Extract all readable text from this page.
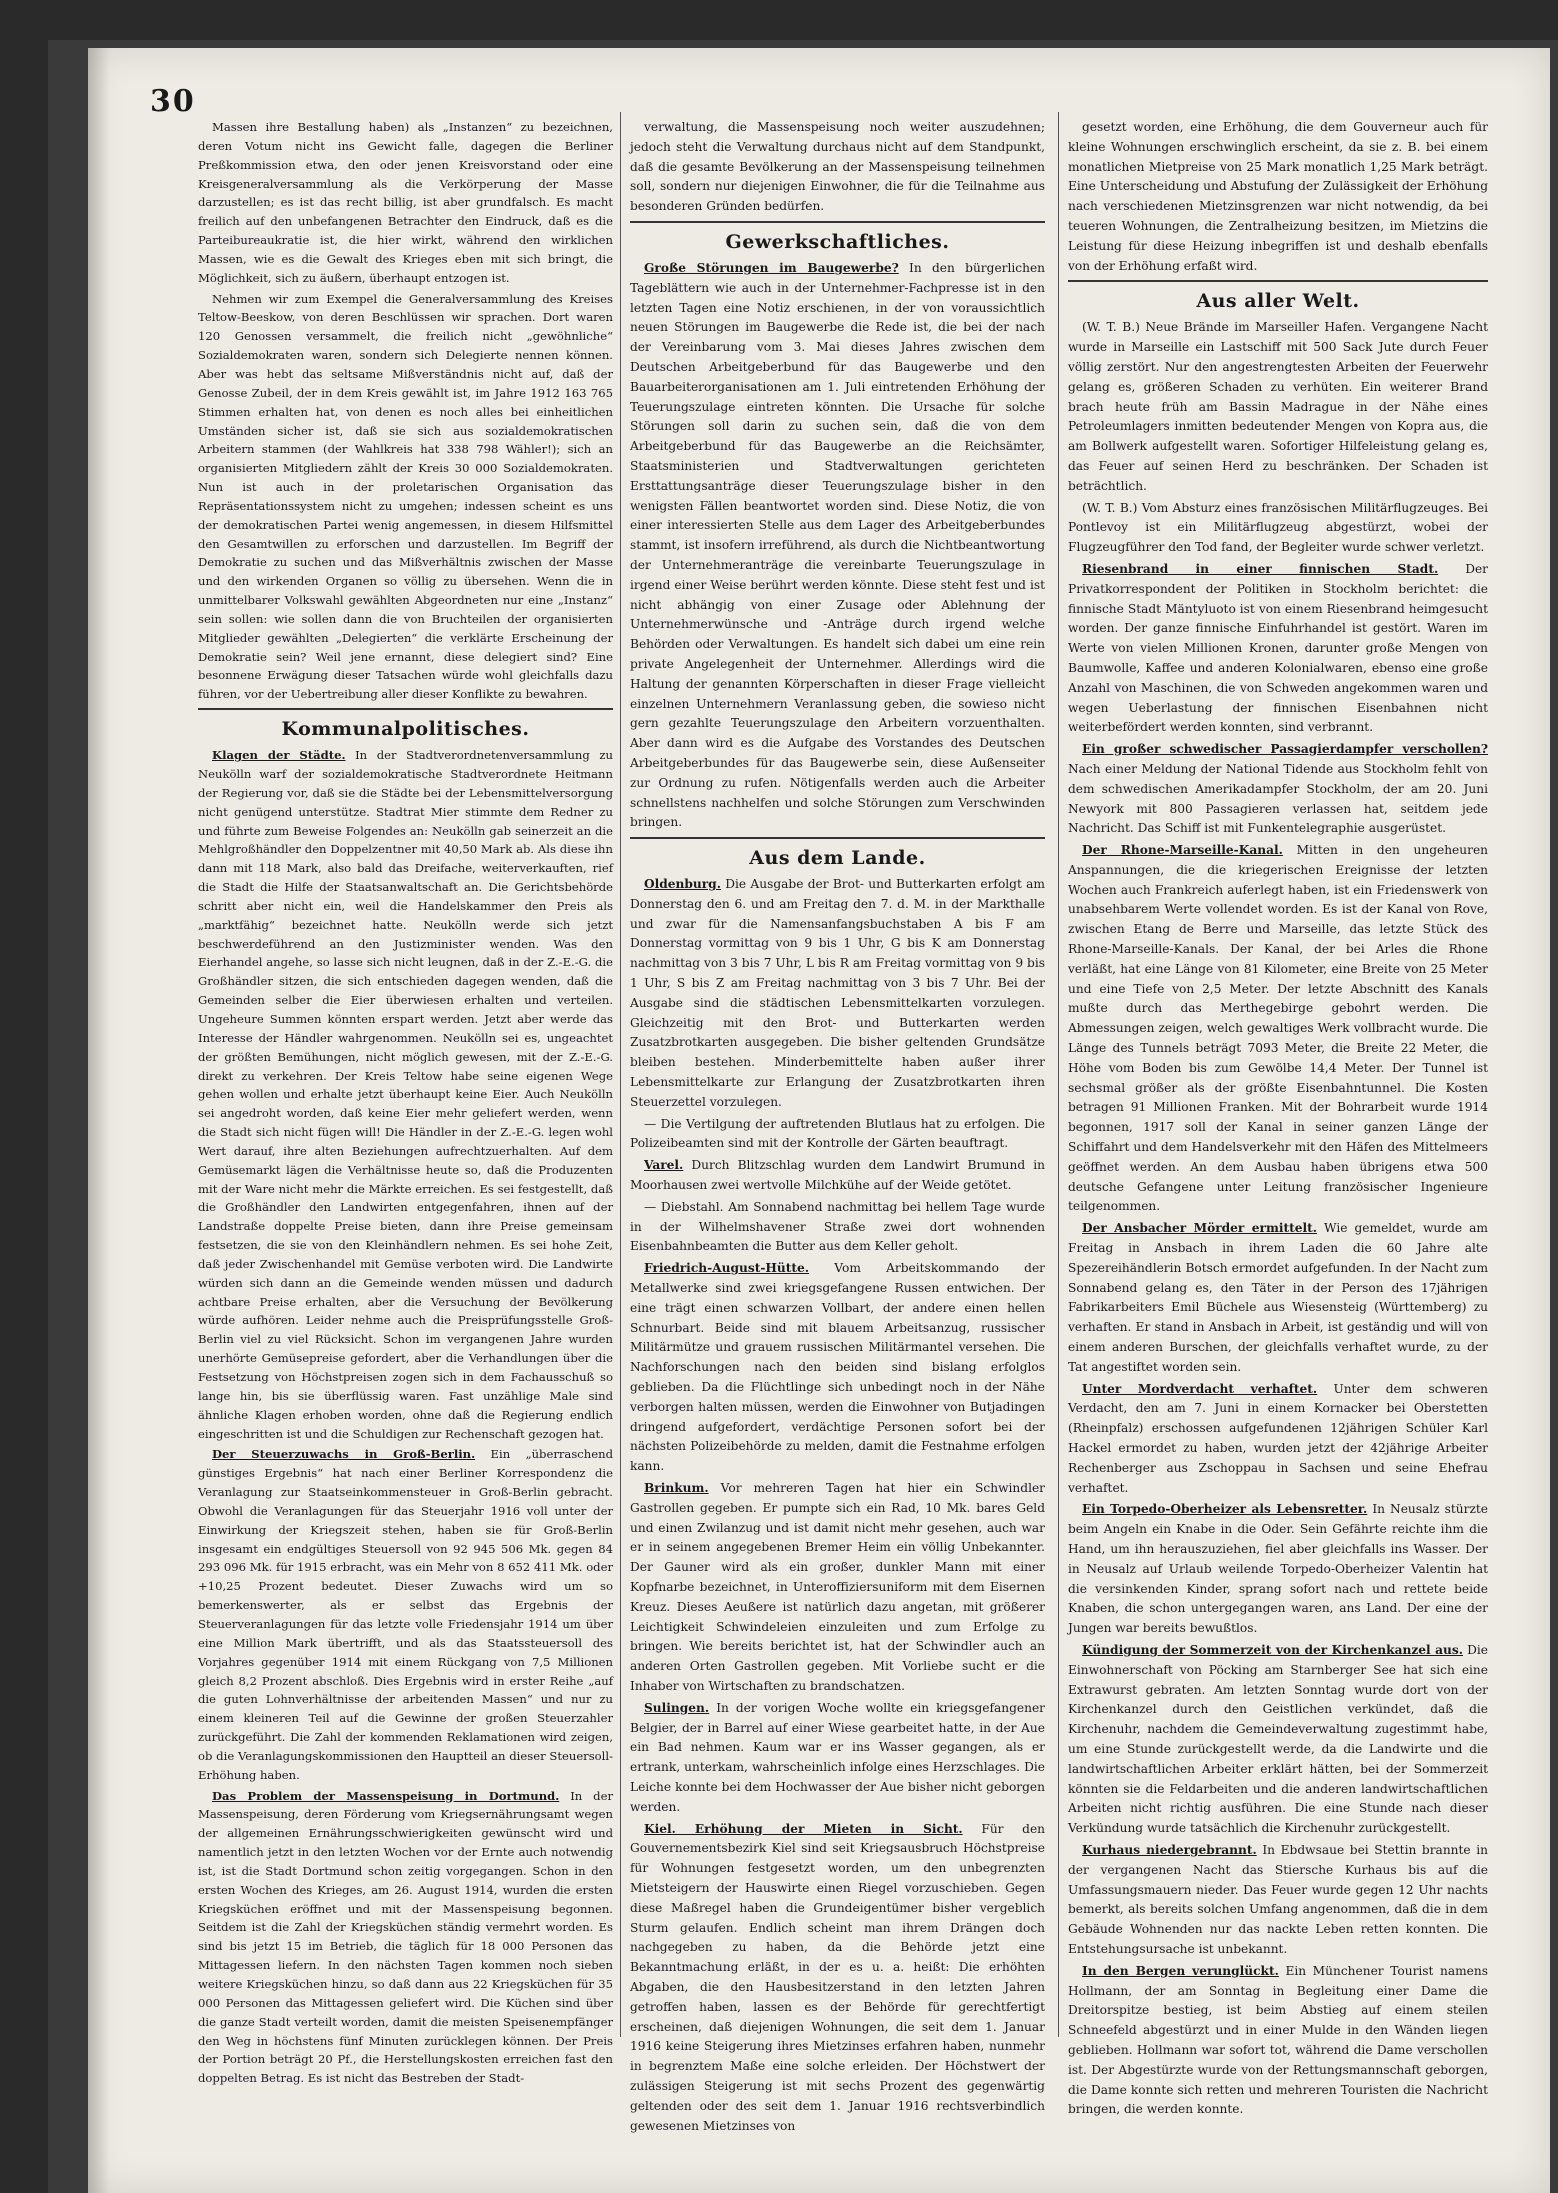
30

Massen ihre Bestallung haben) als „Instanzen“ zu bezeichnen, deren Votum nicht ins Gewicht falle, dagegen die Berliner Preßkommission etwa, den oder jenen Kreisvorstand oder eine Kreisgeneralversammlung als die Verkörperung der Masse darzustellen; es ist das recht billig, ist aber grundfalsch. Es macht freilich auf den unbefangenen Betrachter den Eindruck, daß es die Parteibureaukratie ist, die hier wirkt, während den wirklichen Massen, wie es die Gewalt des Krieges eben mit sich bringt, die Möglichkeit, sich zu äußern, überhaupt entzogen ist.

Nehmen wir zum Exempel die Generalversammlung des Kreises Teltow-Beeskow, von deren Beschlüssen wir sprachen. Dort waren 120 Genossen versammelt, die freilich nicht „gewöhnliche“ Sozialdemokraten waren, sondern sich Delegierte nennen können. Aber was hebt das seltsame Mißverständnis nicht auf, daß der Genosse Zubeil, der in dem Kreis gewählt ist, im Jahre 1912 163 765 Stimmen erhalten hat, von denen es noch alles bei einheitlichen Umständen sicher ist, daß sie sich aus sozialdemokratischen Arbeitern stammen (der Wahlkreis hat 338 798 Wähler!); sich an organisierten Mitgliedern zählt der Kreis 30 000 Sozialdemokraten. Nun ist auch in der proletarischen Organisation das Repräsentationssystem nicht zu umgehen; indessen scheint es uns der demokratischen Partei wenig angemessen, in diesem Hilfsmittel den Gesamtwillen zu erforschen und darzustellen. Im Begriff der Demokratie zu suchen und das Mißverhältnis zwischen der Masse und den wirkenden Organen so völlig zu übersehen. Wenn die in unmittelbarer Volkswahl gewählten Abgeordneten nur eine „Instanz“ sein sollen: wie sollen dann die von Bruchteilen der organisierten Mitglieder gewählten „Delegierten“ die verklärte Erscheinung der Demokratie sein? Weil jene ernannt, diese delegiert sind? Eine besonnene Erwägung dieser Tatsachen würde wohl gleichfalls dazu führen, vor der Uebertreibung aller dieser Konflikte zu bewahren.

Kommunalpolitisches.

Klagen der Städte. In der Stadtverordnetenversammlung zu Neukölln warf der sozialdemokratische Stadtverordnete Heitmann der Regierung vor, daß sie die Städte bei der Lebensmittelversorgung nicht genügend unterstütze. Stadtrat Mier stimmte dem Redner zu und führte zum Beweise Folgendes an: Neukölln gab seinerzeit an die Mehlgroßhändler den Doppelzentner mit 40,50 Mark ab. Als diese ihn dann mit 118 Mark, also bald das Dreifache, weiterverkauften, rief die Stadt die Hilfe der Staatsanwaltschaft an. Die Gerichtsbehörde schritt aber nicht ein, weil die Handelskammer den Preis als „marktfähig“ bezeichnet hatte. Neukölln werde sich jetzt beschwerdeführend an den Justizminister wenden. Was den Eierhandel angehe, so lasse sich nicht leugnen, daß in der Z.-E.-G. die Großhändler sitzen, die sich entschieden dagegen wenden, daß die Gemeinden selber die Eier überwiesen erhalten und verteilen. Ungeheure Summen könnten erspart werden. Jetzt aber werde das Interesse der Händler wahrgenommen. Neukölln sei es, ungeachtet der größten Bemühungen, nicht möglich gewesen, mit der Z.-E.-G. direkt zu verkehren. Der Kreis Teltow habe seine eigenen Wege gehen wollen und erhalte jetzt überhaupt keine Eier. Auch Neukölln sei angedroht worden, daß keine Eier mehr geliefert werden, wenn die Stadt sich nicht fügen will! Die Händler in der Z.-E.-G. legen wohl Wert darauf, ihre alten Beziehungen aufrechtzuerhalten. Auf dem Gemüsemarkt lägen die Verhältnisse heute so, daß die Produzenten mit der Ware nicht mehr die Märkte erreichen. Es sei festgestellt, daß die Großhändler den Landwirten entgegenfahren, ihnen auf der Landstraße doppelte Preise bieten, dann ihre Preise gemeinsam festsetzen, die sie von den Kleinhändlern nehmen. Es sei hohe Zeit, daß jeder Zwischenhandel mit Gemüse verboten wird. Die Landwirte würden sich dann an die Gemeinde wenden müssen und dadurch achtbare Preise erhalten, aber die Versuchung der Bevölkerung würde aufhören. Leider nehme auch die Preisprüfungsstelle Groß-Berlin viel zu viel Rücksicht. Schon im vergangenen Jahre wurden unerhörte Gemüsepreise gefordert, aber die Verhandlungen über die Festsetzung von Höchstpreisen zogen sich in dem Fachausschuß so lange hin, bis sie überflüssig waren. Fast unzählige Male sind ähnliche Klagen erhoben worden, ohne daß die Regierung endlich eingeschritten ist und die Schuldigen zur Rechenschaft gezogen hat.

Der Steuerzuwachs in Groß-Berlin. Ein „überraschend günstiges Ergebnis“ hat nach einer Berliner Korrespondenz die Veranlagung zur Staatseinkommensteuer in Groß-Berlin gebracht. Obwohl die Veranlagungen für das Steuerjahr 1916 voll unter der Einwirkung der Kriegszeit stehen, haben sie für Groß-Berlin insgesamt ein endgültiges Steuersoll von 92 945 506 Mk. gegen 84 293 096 Mk. für 1915 erbracht, was ein Mehr von 8 652 411 Mk. oder +10,25 Prozent bedeutet. Dieser Zuwachs wird um so bemerkenswerter, als er selbst das Ergebnis der Steuerveranlagungen für das letzte volle Friedensjahr 1914 um über eine Million Mark übertrifft, und als das Staatssteuersoll des Vorjahres gegenüber 1914 mit einem Rückgang von 7,5 Millionen gleich 8,2 Prozent abschloß. Dies Ergebnis wird in erster Reihe „auf die guten Lohnverhältnisse der arbeitenden Massen“ und nur zu einem kleineren Teil auf die Gewinne der großen Steuerzahler zurückgeführt. Die Zahl der kommenden Reklamationen wird zeigen, ob die Veranlagungskommissionen den Hauptteil an dieser Steuersoll-Erhöhung haben.

Das Problem der Massenspeisung in Dortmund. In der Massenspeisung, deren Förderung vom Kriegsernährungsamt wegen der allgemeinen Ernährungsschwierigkeiten gewünscht wird und namentlich jetzt in den letzten Wochen vor der Ernte auch notwendig ist, ist die Stadt Dortmund schon zeitig vorgegangen. Schon in den ersten Wochen des Krieges, am 26. August 1914, wurden die ersten Kriegsküchen eröffnet und mit der Massenspeisung begonnen. Seitdem ist die Zahl der Kriegsküchen ständig vermehrt worden. Es sind bis jetzt 15 im Betrieb, die täglich für 18 000 Personen das Mittagessen liefern. In den nächsten Tagen kommen noch sieben weitere Kriegsküchen hinzu, so daß dann aus 22 Kriegsküchen für 35 000 Personen das Mittagessen geliefert wird. Die Küchen sind über die ganze Stadt verteilt worden, damit die meisten Speisenempfänger den Weg in höchstens fünf Minuten zurücklegen können. Der Preis der Portion beträgt 20 Pf., die Herstellungskosten erreichen fast den doppelten Betrag. Es ist nicht das Bestreben der Stadt-

verwaltung, die Massenspeisung noch weiter auszudehnen; jedoch steht die Verwaltung durchaus nicht auf dem Standpunkt, daß die gesamte Bevölkerung an der Massenspeisung teilnehmen soll, sondern nur diejenigen Einwohner, die für die Teilnahme aus besonderen Gründen bedürfen.

Gewerkschaftliches.

Große Störungen im Baugewerbe? In den bürgerlichen Tageblättern wie auch in der Unternehmer-Fachpresse ist in den letzten Tagen eine Notiz erschienen, in der von voraussichtlich neuen Störungen im Baugewerbe die Rede ist, die bei der nach der Vereinbarung vom 3. Mai dieses Jahres zwischen dem Deutschen Arbeitgeberbund für das Baugewerbe und den Bauarbeiterorganisationen am 1. Juli eintretenden Erhöhung der Teuerungszulage eintreten könnten. Die Ursache für solche Störungen soll darin zu suchen sein, daß die von dem Arbeitgeberbund für das Baugewerbe an die Reichsämter, Staatsministerien und Stadtverwaltungen gerichteten Ersttattungsanträge dieser Teuerungszulage bisher in den wenigsten Fällen beantwortet worden sind. Diese Notiz, die von einer interessierten Stelle aus dem Lager des Arbeitgeberbundes stammt, ist insofern irreführend, als durch die Nichtbeantwortung der Unternehmeranträge die vereinbarte Teuerungszulage in irgend einer Weise berührt werden könnte. Diese steht fest und ist nicht abhängig von einer Zusage oder Ablehnung der Unternehmerwünsche und -Anträge durch irgend welche Behörden oder Verwaltungen. Es handelt sich dabei um eine rein private Angelegenheit der Unternehmer. Allerdings wird die Haltung der genannten Körperschaften in dieser Frage vielleicht einzelnen Unternehmern Veranlassung geben, die sowieso nicht gern gezahlte Teuerungszulage den Arbeitern vorzuenthalten. Aber dann wird es die Aufgabe des Vorstandes des Deutschen Arbeitgeberbundes für das Baugewerbe sein, diese Außenseiter zur Ordnung zu rufen. Nötigenfalls werden auch die Arbeiter schnellstens nachhelfen und solche Störungen zum Verschwinden bringen.

Aus dem Lande.

Oldenburg. Die Ausgabe der Brot- und Butterkarten erfolgt am Donnerstag den 6. und am Freitag den 7. d. M. in der Markthalle und zwar für die Namensanfangsbuchstaben A bis F am Donnerstag vormittag von 9 bis 1 Uhr, G bis K am Donnerstag nachmittag von 3 bis 7 Uhr, L bis R am Freitag vormittag von 9 bis 1 Uhr, S bis Z am Freitag nachmittag von 3 bis 7 Uhr. Bei der Ausgabe sind die städtischen Lebensmittelkarten vorzulegen. Gleichzeitig mit den Brot- und Butterkarten werden Zusatzbrotkarten ausgegeben. Die bisher geltenden Grundsätze bleiben bestehen. Minderbemittelte haben außer ihrer Lebensmittelkarte zur Erlangung der Zusatzbrotkarten ihren Steuerzettel vorzulegen.

— Die Vertilgung der auftretenden Blutlaus hat zu erfolgen. Die Polizeibeamten sind mit der Kontrolle der Gärten beauftragt.

Varel. Durch Blitzschlag wurden dem Landwirt Brumund in Moorhausen zwei wertvolle Milchkühe auf der Weide getötet.

— Diebstahl. Am Sonnabend nachmittag bei hellem Tage wurde in der Wilhelmshavener Straße zwei dort wohnenden Eisenbahnbeamten die Butter aus dem Keller geholt.

Friedrich-August-Hütte. Vom Arbeitskommando der Metallwerke sind zwei kriegsgefangene Russen entwichen. Der eine trägt einen schwarzen Vollbart, der andere einen hellen Schnurbart. Beide sind mit blauem Arbeitsanzug, russischer Militärmütze und grauem russischen Militärmantel versehen. Die Nachforschungen nach den beiden sind bislang erfolglos geblieben. Da die Flüchtlinge sich unbedingt noch in der Nähe verborgen halten müssen, werden die Einwohner von Butjadingen dringend aufgefordert, verdächtige Personen sofort bei der nächsten Polizeibehörde zu melden, damit die Festnahme erfolgen kann.

Brinkum. Vor mehreren Tagen hat hier ein Schwindler Gastrollen gegeben. Er pumpte sich ein Rad, 10 Mk. bares Geld und einen Zwilanzug und ist damit nicht mehr gesehen, auch war er in seinem angegebenen Bremer Heim ein völlig Unbekannter. Der Gauner wird als ein großer, dunkler Mann mit einer Kopfnarbe bezeichnet, in Unteroffiziersuniform mit dem Eisernen Kreuz. Dieses Aeußere ist natürlich dazu angetan, mit größerer Leichtigkeit Schwindeleien einzuleiten und zum Erfolge zu bringen. Wie bereits berichtet ist, hat der Schwindler auch an anderen Orten Gastrollen gegeben. Mit Vorliebe sucht er die Inhaber von Wirtschaften zu brandschatzen.

Sulingen. In der vorigen Woche wollte ein kriegsgefangener Belgier, der in Barrel auf einer Wiese gearbeitet hatte, in der Aue ein Bad nehmen. Kaum war er ins Wasser gegangen, als er ertrank, unterkam, wahrscheinlich infolge eines Herzschlages. Die Leiche konnte bei dem Hochwasser der Aue bisher nicht geborgen werden.

Kiel. Erhöhung der Mieten in Sicht. Für den Gouvernementsbezirk Kiel sind seit Kriegsausbruch Höchstpreise für Wohnungen festgesetzt worden, um den unbegrenzten Mietsteigern der Hauswirte einen Riegel vorzuschieben. Gegen diese Maßregel haben die Grundeigentümer bisher vergeblich Sturm gelaufen. Endlich scheint man ihrem Drängen doch nachgegeben zu haben, da die Behörde jetzt eine Bekanntmachung erläßt, in der es u. a. heißt: Die erhöhten Abgaben, die den Hausbesitzerstand in den letzten Jahren getroffen haben, lassen es der Behörde für gerechtfertigt erscheinen, daß diejenigen Wohnungen, die seit dem 1. Januar 1916 keine Steigerung ihres Mietzinses erfahren haben, nunmehr in begrenztem Maße eine solche erleiden. Der Höchstwert der zulässigen Steigerung ist mit sechs Prozent des gegenwärtig geltenden oder des seit dem 1. Januar 1916 rechtsverbindlich gewesenen Mietzinses von

gesetzt worden, eine Erhöhung, die dem Gouverneur auch für kleine Wohnungen erschwinglich erscheint, da sie z. B. bei einem monatlichen Mietpreise von 25 Mark monatlich 1,25 Mark beträgt. Eine Unterscheidung und Abstufung der Zulässigkeit der Erhöhung nach verschiedenen Mietzinsgrenzen war nicht notwendig, da bei teueren Wohnungen, die Zentralheizung besitzen, im Mietzins die Leistung für diese Heizung inbegriffen ist und deshalb ebenfalls von der Erhöhung erfaßt wird.

Aus aller Welt.

(W. T. B.) Neue Brände im Marseiller Hafen. Vergangene Nacht wurde in Marseille ein Lastschiff mit 500 Sack Jute durch Feuer völlig zerstört. Nur den angestrengtesten Arbeiten der Feuerwehr gelang es, größeren Schaden zu verhüten. Ein weiterer Brand brach heute früh am Bassin Madrague in der Nähe eines Petroleumlagers inmitten bedeutender Mengen von Kopra aus, die am Bollwerk aufgestellt waren. Sofortiger Hilfeleistung gelang es, das Feuer auf seinen Herd zu beschränken. Der Schaden ist beträchtlich.

(W. T. B.) Vom Absturz eines französischen Militärflugzeuges. Bei Pontlevoy ist ein Militärflugzeug abgestürzt, wobei der Flugzeugführer den Tod fand, der Begleiter wurde schwer verletzt.

Riesenbrand in einer finnischen Stadt. Der Privatkorrespondent der Politiken in Stockholm berichtet: die finnische Stadt Mäntyluoto ist von einem Riesenbrand heimgesucht worden. Der ganze finnische Einfuhrhandel ist gestört. Waren im Werte von vielen Millionen Kronen, darunter große Mengen von Baumwolle, Kaffee und anderen Kolonialwaren, ebenso eine große Anzahl von Maschinen, die von Schweden angekommen waren und wegen Ueberlastung der finnischen Eisenbahnen nicht weiterbefördert werden konnten, sind verbrannt.

Ein großer schwedischer Passagierdampfer verschollen? Nach einer Meldung der National Tidende aus Stockholm fehlt von dem schwedischen Amerikadampfer Stockholm, der am 20. Juni Newyork mit 800 Passagieren verlassen hat, seitdem jede Nachricht. Das Schiff ist mit Funkentelegraphie ausgerüstet.

Der Rhone-Marseille-Kanal. Mitten in den ungeheuren Anspannungen, die die kriegerischen Ereignisse der letzten Wochen auch Frankreich auferlegt haben, ist ein Friedenswerk von unabsehbarem Werte vollendet worden. Es ist der Kanal von Rove, zwischen Etang de Berre und Marseille, das letzte Stück des Rhone-Marseille-Kanals. Der Kanal, der bei Arles die Rhone verläßt, hat eine Länge von 81 Kilometer, eine Breite von 25 Meter und eine Tiefe von 2,5 Meter. Der letzte Abschnitt des Kanals mußte durch das Merthegebirge gebohrt werden. Die Abmessungen zeigen, welch gewaltiges Werk vollbracht wurde. Die Länge des Tunnels beträgt 7093 Meter, die Breite 22 Meter, die Höhe vom Boden bis zum Gewölbe 14,4 Meter. Der Tunnel ist sechsmal größer als der größte Eisenbahntunnel. Die Kosten betragen 91 Millionen Franken. Mit der Bohrarbeit wurde 1914 begonnen, 1917 soll der Kanal in seiner ganzen Länge der Schiffahrt und dem Handelsverkehr mit den Häfen des Mittelmeers geöffnet werden. An dem Ausbau haben übrigens etwa 500 deutsche Gefangene unter Leitung französischer Ingenieure teilgenommen.

Der Ansbacher Mörder ermittelt. Wie gemeldet, wurde am Freitag in Ansbach in ihrem Laden die 60 Jahre alte Spezereihändlerin Botsch ermordet aufgefunden. In der Nacht zum Sonnabend gelang es, den Täter in der Person des 17jährigen Fabrikarbeiters Emil Büchele aus Wiesensteig (Württemberg) zu verhaften. Er stand in Ansbach in Arbeit, ist geständig und will von einem anderen Burschen, der gleichfalls verhaftet wurde, zu der Tat angestiftet worden sein.

Unter Mordverdacht verhaftet. Unter dem schweren Verdacht, den am 7. Juni in einem Kornacker bei Oberstetten (Rheinpfalz) erschossen aufgefundenen 12jährigen Schüler Karl Hackel ermordet zu haben, wurden jetzt der 42jährige Arbeiter Rechenberger aus Zschoppau in Sachsen und seine Ehefrau verhaftet.

Ein Torpedo-Oberheizer als Lebensretter. In Neusalz stürzte beim Angeln ein Knabe in die Oder. Sein Gefährte reichte ihm die Hand, um ihn herauszuziehen, fiel aber gleichfalls ins Wasser. Der in Neusalz auf Urlaub weilende Torpedo-Oberheizer Valentin hat die versinkenden Kinder, sprang sofort nach und rettete beide Knaben, die schon untergegangen waren, ans Land. Der eine der Jungen war bereits bewußtlos.

Kündigung der Sommerzeit von der Kirchenkanzel aus. Die Einwohnerschaft von Pöcking am Starnberger See hat sich eine Extrawurst gebraten. Am letzten Sonntag wurde dort von der Kirchenkanzel durch den Geistlichen verkündet, daß die Kirchenuhr, nachdem die Gemeindeverwaltung zugestimmt habe, um eine Stunde zurückgestellt werde, da die Landwirte und die landwirtschaftlichen Arbeiter erklärt hätten, bei der Sommerzeit könnten sie die Feldarbeiten und die anderen landwirtschaftlichen Arbeiten nicht richtig ausführen. Die eine Stunde nach dieser Verkündung wurde tatsächlich die Kirchenuhr zurückgestellt.

Kurhaus niedergebrannt. In Ebdwsaue bei Stettin brannte in der vergangenen Nacht das Stiersche Kurhaus bis auf die Umfassungsmauern nieder. Das Feuer wurde gegen 12 Uhr nachts bemerkt, als bereits solchen Umfang angenommen, daß die in dem Gebäude Wohnenden nur das nackte Leben retten konnten. Die Entstehungsursache ist unbekannt.

In den Bergen verunglückt. Ein Münchener Tourist namens Hollmann, der am Sonntag in Begleitung einer Dame die Dreitorspitze bestieg, ist beim Abstieg auf einem steilen Schneefeld abgestürzt und in einer Mulde in den Wänden liegen geblieben. Hollmann war sofort tot, während die Dame verschollen ist. Der Abgestürzte wurde von der Rettungsmannschaft geborgen, die Dame konnte sich retten und mehreren Touristen die Nachricht bringen, die werden konnte.
